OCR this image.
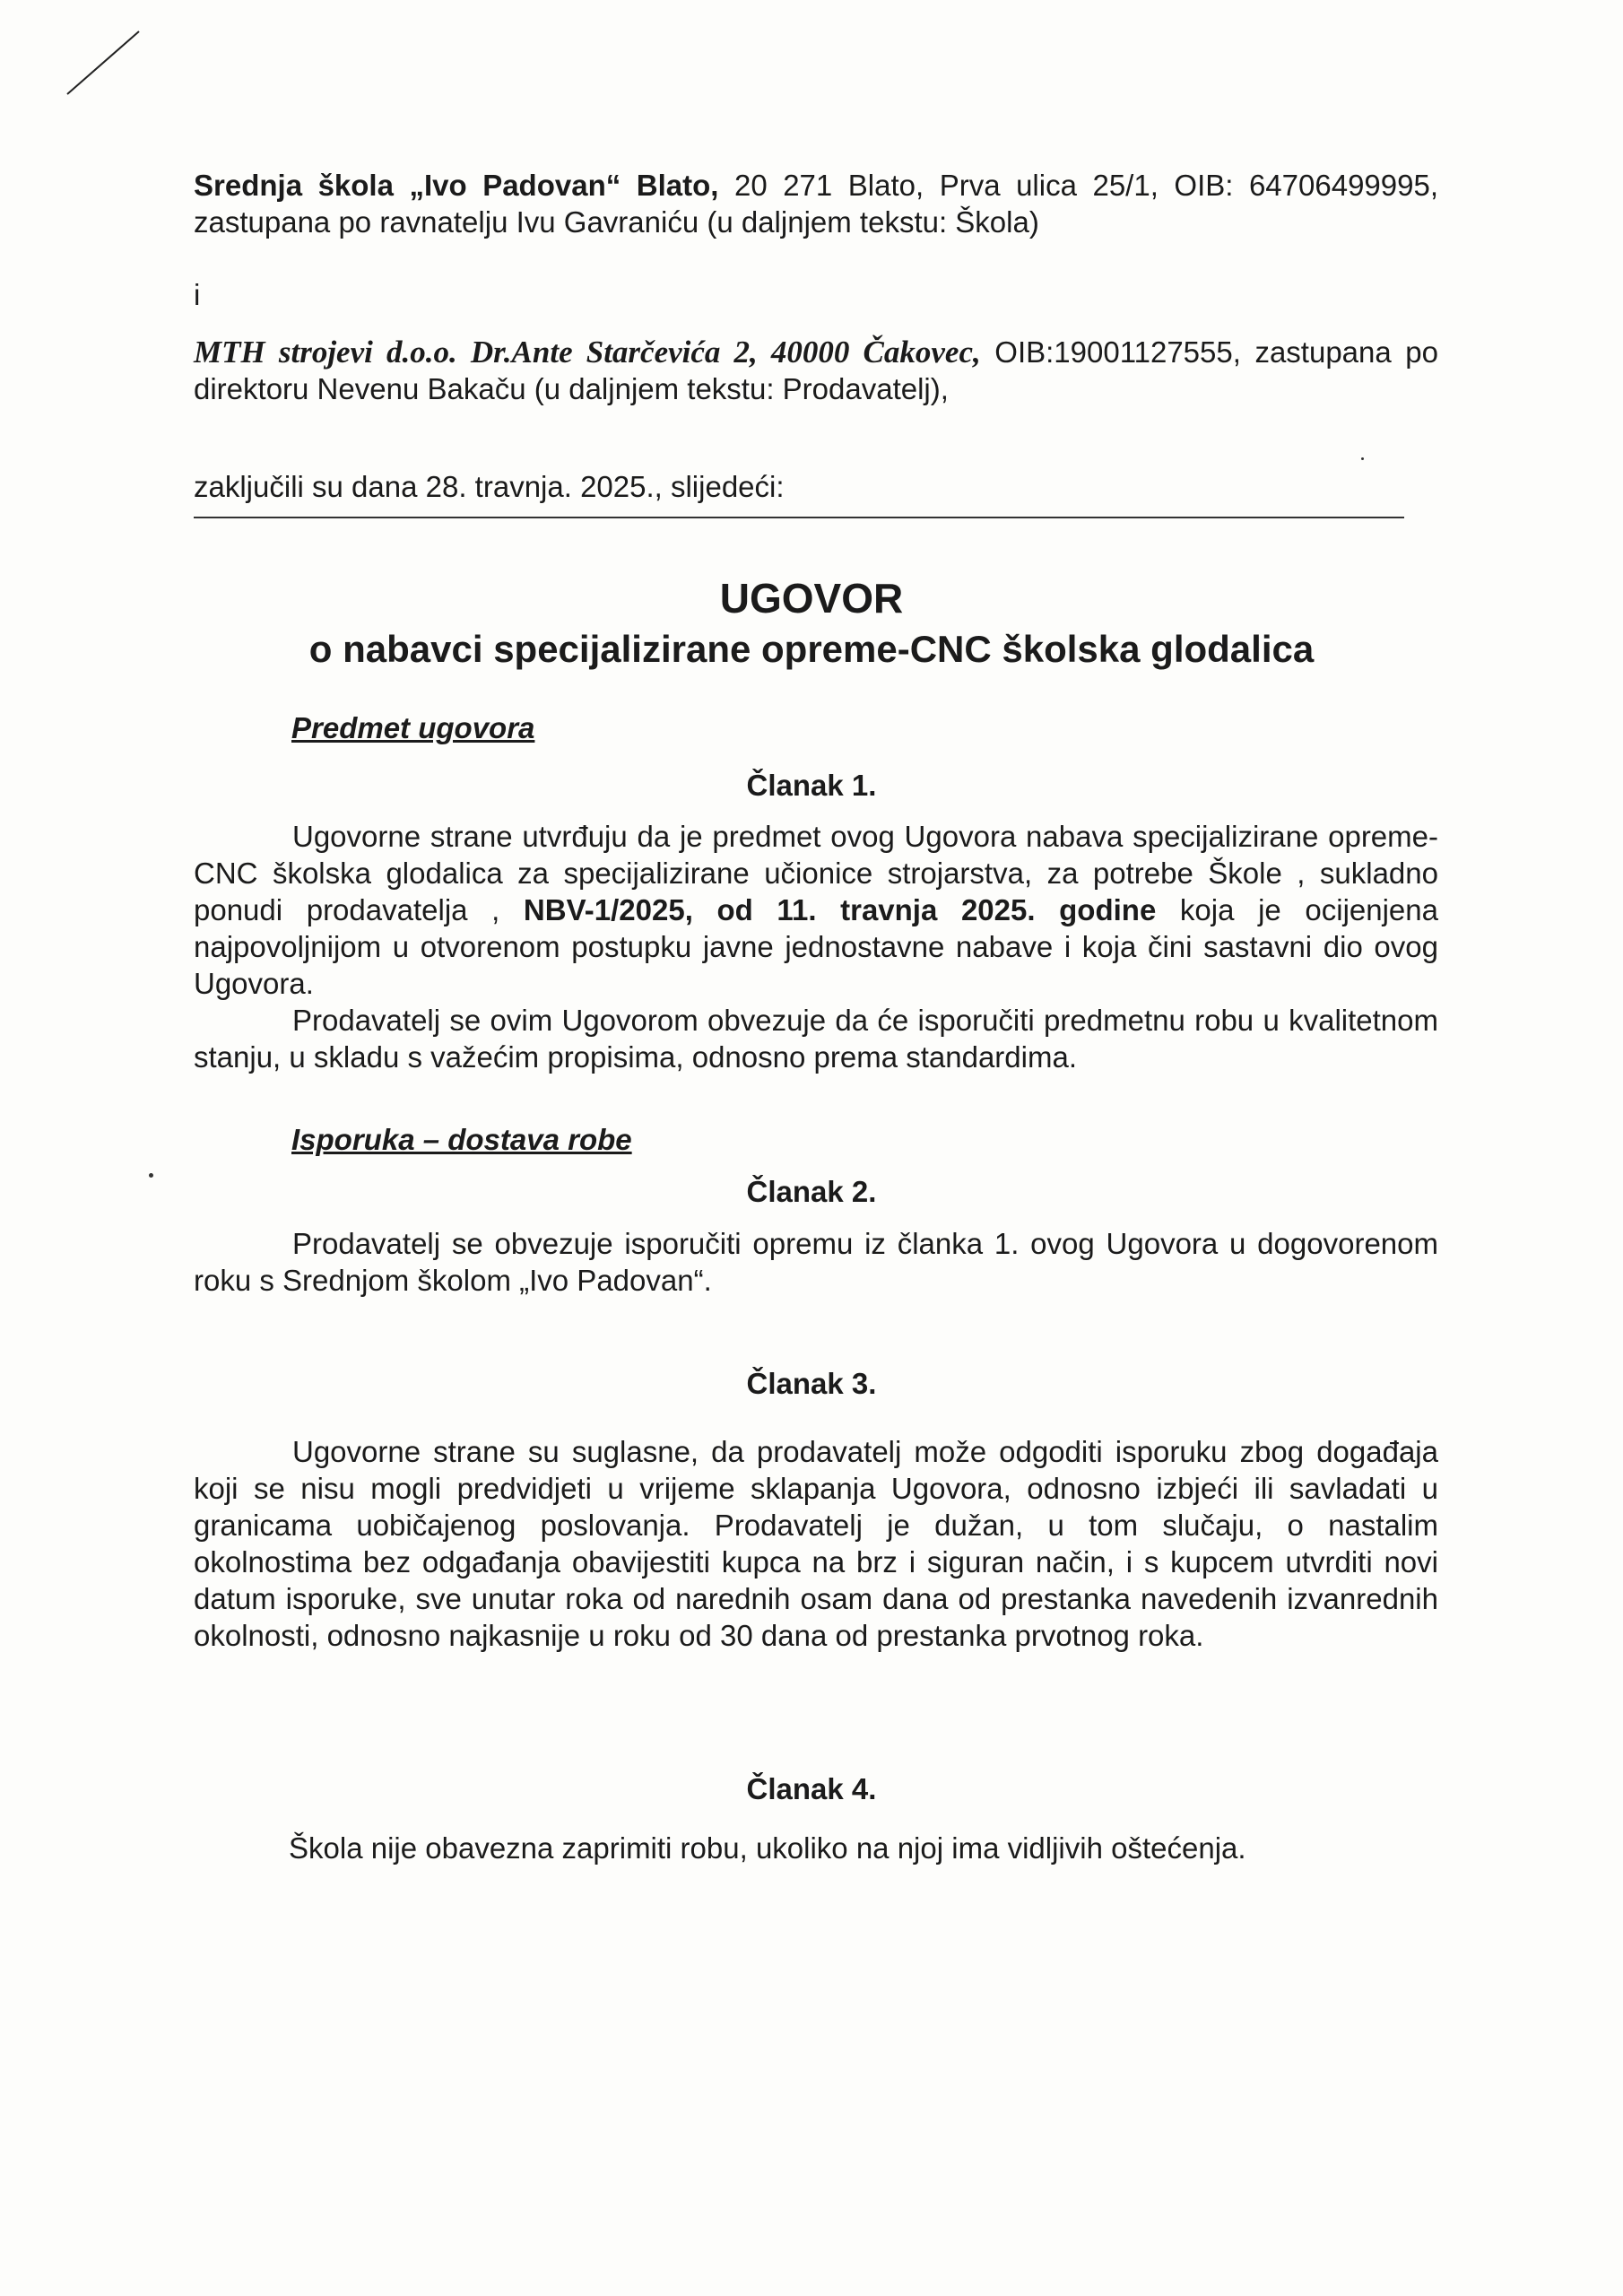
Srednja škola „Ivo Padovan“ Blato, 20 271 Blato, Prva ulica 25/1, OIB: 64706499995, zastupana po ravnatelju Ivu Gavraniću (u daljnjem tekstu: Škola)
i
MTH strojevi d.o.o. Dr.Ante Starčevića 2, 40000 Čakovec, OIB:19001127555, zastupana po direktoru Nevenu Bakaču (u daljnjem tekstu: Prodavatelj),
zaključili su dana 28. travnja. 2025., slijedeći:
UGOVOR
o nabavci specijalizirane opreme-CNC školska glodalica
Predmet ugovora
Članak 1.

Ugovorne strane utvrđuju da je predmet ovog Ugovora nabava specijalizirane opreme-CNC školska glodalica za specijalizirane učionice strojarstva, za potrebe Škole , sukladno ponudi prodavatelja , NBV-1/2025, od 11. travnja 2025. godine koja je ocijenjena najpovoljnijom u otvorenom postupku javne jednostavne nabave i koja čini sastavni dio ovog Ugovora.

Prodavatelj se ovim Ugovorom obvezuje da će isporučiti predmetnu robu u kvalitetnom stanju, u skladu s važećim propisima, odnosno prema standardima.

Isporuka – dostava robe
Članak 2.

Prodavatelj se obvezuje isporučiti opremu iz članka 1. ovog Ugovora u dogovorenom roku s Srednjom školom „Ivo Padovan“.

Članak 3.

Ugovorne strane su suglasne, da prodavatelj može odgoditi isporuku zbog događaja koji se nisu mogli predvidjeti u vrijeme sklapanja Ugovora, odnosno izbjeći ili savladati u granicama uobičajenog poslovanja. Prodavatelj je dužan, u tom slučaju, o nastalim okolnostima bez odgađanja obavijestiti kupca na brz i siguran način, i s kupcem utvrditi novi datum isporuke, sve unutar roka od narednih osam dana od prestanka navedenih izvanrednih okolnosti, odnosno najkasnije u roku od 30 dana od prestanka prvotnog roka.

Članak 4.

Škola nije obavezna zaprimiti robu, ukoliko na njoj ima vidljivih oštećenja.
